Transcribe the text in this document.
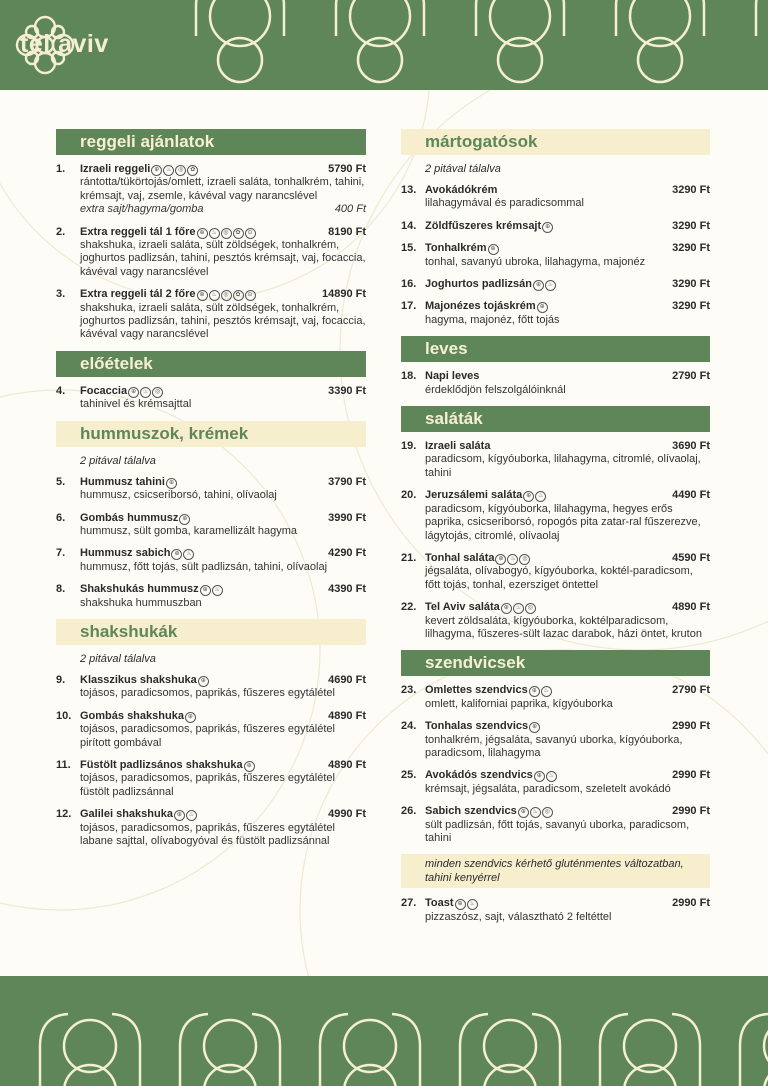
tel aviv
reggeli ajánlatok
1.	Izraeli reggeli ⊕ ♨ ◎ ✿	5790 Ft
rántotta/tükörtojás/omlett, izraeli saláta, tonhalkrém, tahini, krémsajt, vaj, zsemle, kávéval vagy narancslével
extra sajt/hagyma/gomba	400 Ft
2.	Extra reggeli tál 1 főre ⊕ ♨ ◎ ✿ ⊙	8190 Ft
shakshuka, izraeli saláta, sült zöldségek, tonhalkrém, joghurtos padlizsán, tahini, pesztós krémsajt, vaj, focaccia, kávéval vagy narancslével
3.	Extra reggeli tál 2 főre ⊕ ♨ ◎ ✿ ⊙	14890 Ft
shakshuka, izraeli saláta, sült zöldségek, tonhalkrém, joghurtos padlizsán, tahini, pesztós krémsajt, vaj, focaccia, kávéval vagy narancslével
előételek
4.	Focaccia ⊕ ♨ ◎	3390 Ft
tahinivel és krémsajttal
hummuszok, krémek
2 pitával tálalva
5.	Hummusz tahini ⊕	3790 Ft
hummusz, csicseriborsó, tahini, olívaolaj
6.	Gombás hummusz ⊕	3990 Ft
hummusz, sült gomba, karamellizált hagyma
7.	Hummusz sabich ⊕ ♨	4290 Ft
hummusz, főtt tojás, sült padlizsán, tahini, olívaolaj
8.	Shakshukás hummusz ⊕ ♨	4390 Ft
shakshuka hummuszban
shakshukák
2 pitával tálalva
9.	Klasszikus shakshuka ⊕	4690 Ft
tojásos, paradicsomos, paprikás, fűszeres egytálétel
10. Gombás shakshuka ⊕	4890 Ft
tojásos, paradicsomos, paprikás, fűszeres egytálétel pirított gombával
11. Füstölt padlizsános shakshuka ⊕	4890 Ft
tojásos, paradicsomos, paprikás, fűszeres egytálétel füstölt padlizsánnal
12. Galilei shakshuka ⊕ ♨	4990 Ft
tojásos, paradicsomos, paprikás, fűszeres egytálétel labane sajttal, olívabogyóval és füstölt padlizsánnal
mártogatósok
2 pitával tálalva
13. Avokádókrém	3290 Ft
lilahagymával és paradicsommal
14. Zöldfűszeres krémsajt ⊕	3290 Ft
15. Tonhalkrém ⊕	3290 Ft
tonhal, savanyú ubroka, lilahagyma, majonéz
16. Joghurtos padlizsán ⊕ ♨	3290 Ft
17. Majonézes tojáskrém ⊕	3290 Ft
hagyma, majonéz, főtt tojás
leves
18. Napi leves	2790 Ft
érdeklődjön felszolgálóinknál
saláták
19. Izraeli saláta	3690 Ft
paradicsom, kígyóuborka, lilahagyma, citromlé, olívaolaj, tahini
20. Jeruzsálemi saláta ⊕ ♨	4490 Ft
paradicsom, kígyóuborka, lilahagyma, hegyes erős paprika, csicseriborsó, ropogós pita zatar-ral fűszerezve, lágytojás, citromlé, olívaolaj
21. Tonhal saláta ⊕ ♨ ◎	4590 Ft
jégsaláta, olívabogyó, kígyóuborka, koktél-paradicsom, főtt tojás, tonhal, ezersziget öntettel
22. Tel Aviv saláta ⊕ ♨ ◎	4890 Ft
kevert zöldsaláta, kígyóuborka, koktélparadicsom, lilhagyma, fűszeres-sült lazac darabok, házi öntet, kruton
szendvicsek
23. Omlettes szendvics ⊕ ♨	2790 Ft
omlett, kaliforniai paprika, kígyóuborka
24. Tonhalas szendvics ⊕	2990 Ft
tonhalkrém, jégsaláta, savanyú uborka, kígyóuborka, paradicsom, lilahagyma
25. Avokádós szendvics ⊕ ♨	2990 Ft
krémsajt, jégsaláta, paradicsom, szeletelt avokádó
26. Sabich szendvics ⊕ ♨ ◎	2990 Ft
sült padlizsán, főtt tojás, savanyú uborka, paradicsom, tahini
minden szendvics kérhető gluténmentes változatban, tahini kenyérrel
27. Toast ⊕ ♨	2990 Ft
pizzaszósz, sajt, választható 2 feltéttel
